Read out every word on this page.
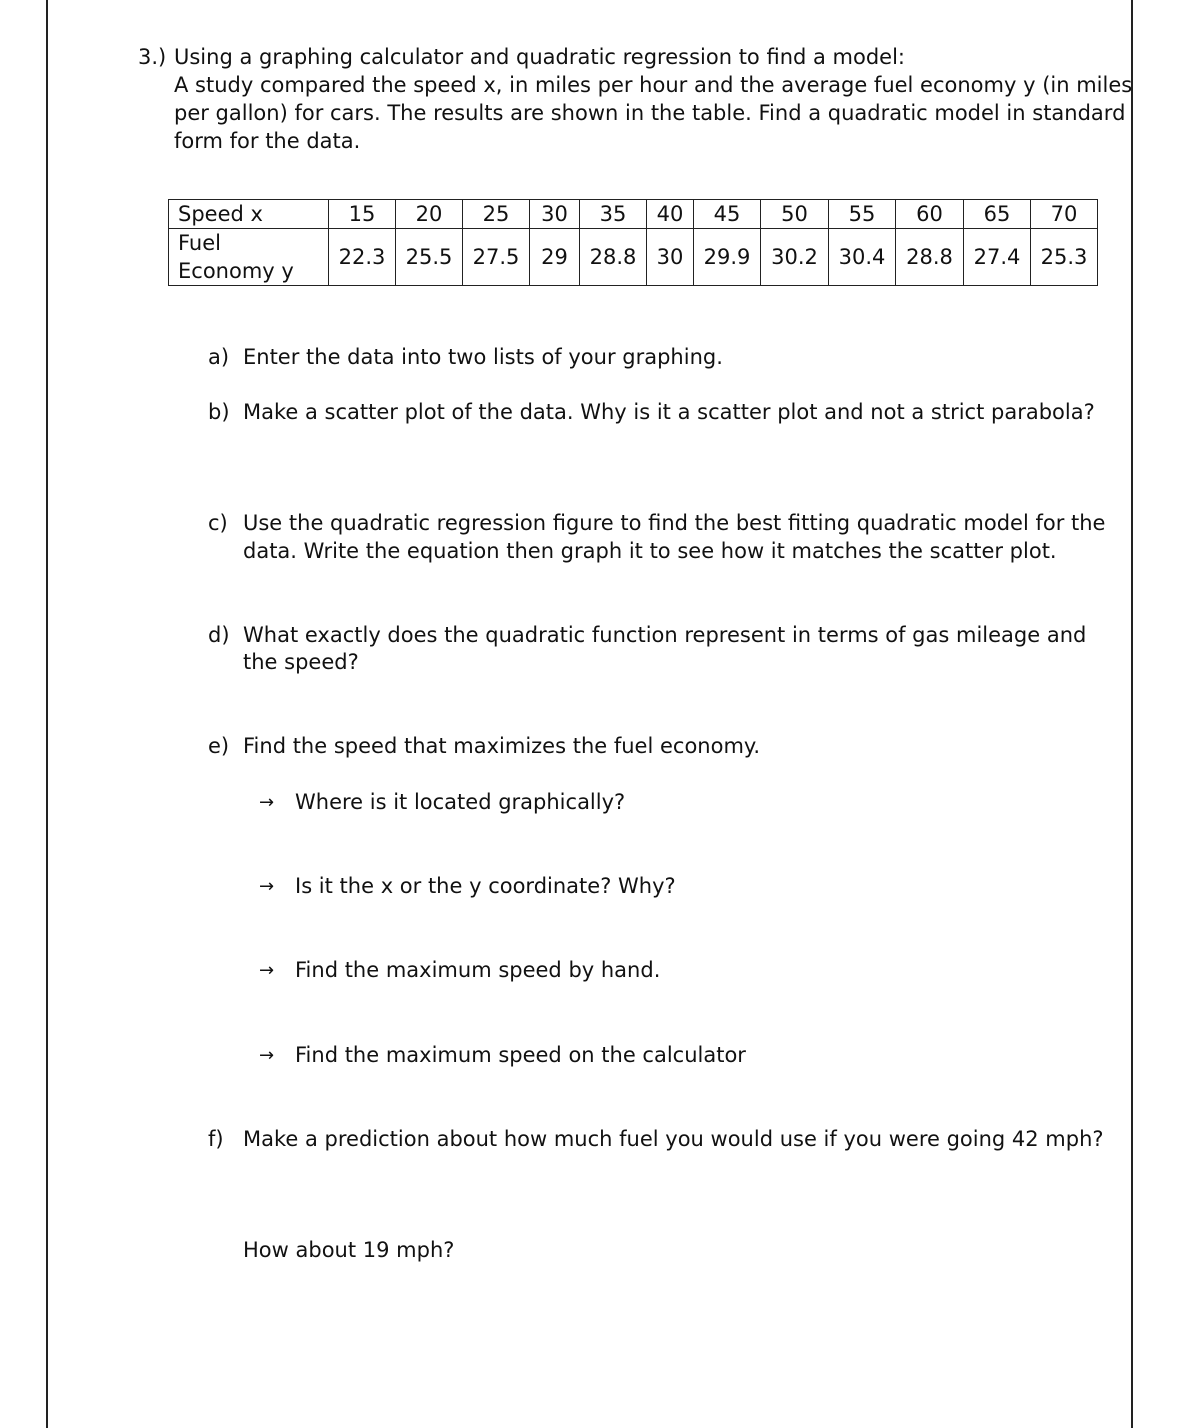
3.) Using a graphing calculator and quadratic regression to find a model:
A study compared the speed x, in miles per hour and the average fuel economy y (in miles
per gallon) for cars. The results are shown in the table. Find a quadratic model in standard
form for the data.
Speed x	15	20	25	30	35	40	45	50	55	60	65	70
Fuel
Economy y	22.3	25.5	27.5	29	28.8	30	29.9	30.2	30.4	28.8	27.4	25.3
a) Enter the data into two lists of your graphing.
b) Make a scatter plot of the data. Why is it a scatter plot and not a strict parabola?
c) Use the quadratic regression figure to find the best fitting quadratic model for the
data. Write the equation then graph it to see how it matches the scatter plot.
d) What exactly does the quadratic function represent in terms of gas mileage and
the speed?
e) Find the speed that maximizes the fuel economy.
→ Where is it located graphically?
→ Is it the x or the y coordinate? Why?
→ Find the maximum speed by hand.
→ Find the maximum speed on the calculator
f) Make a prediction about how much fuel you would use if you were going 42 mph?
How about 19 mph?
